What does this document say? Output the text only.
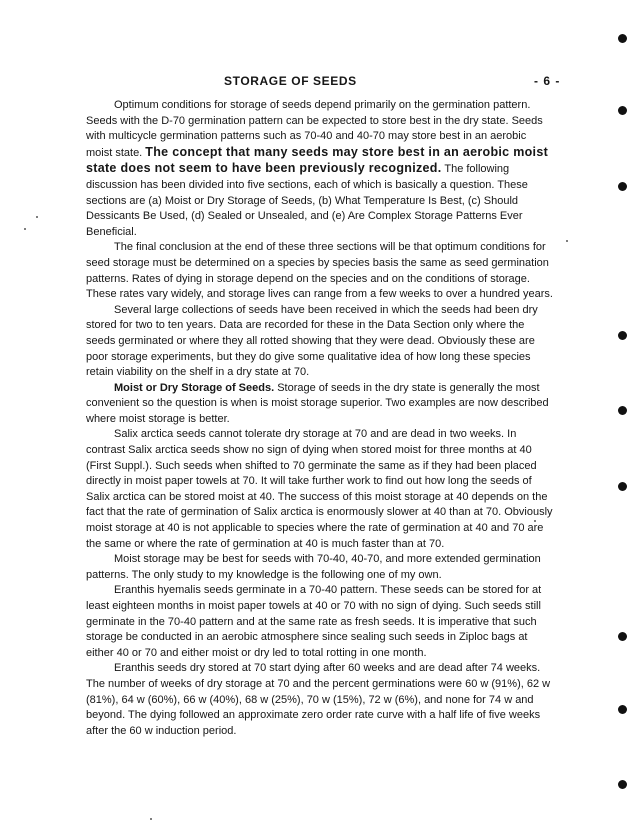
STORAGE OF SEEDS	- 6 -

Optimum conditions for storage of seeds depend primarily on the germination pattern. Seeds with the D-70 germination pattern can be expected to store best in the dry state. Seeds with multicycle germination patterns such as 70-40 and 40-70 may store best in an aerobic moist state. The concept that many seeds may store best in an aerobic moist state does not seem to have been previously recognized. The following discussion has been divided into five sections, each of which is basically a question. These sections are (a) Moist or Dry Storage of Seeds, (b) What Temperature Is Best, (c) Should Dessicants Be Used, (d) Sealed or Unsealed, and (e) Are Complex Storage Patterns Ever Beneficial.

The final conclusion at the end of these three sections will be that optimum conditions for seed storage must be determined on a species by species basis the same as seed germination patterns. Rates of dying in storage depend on the species and on the conditions of storage. These rates vary widely, and storage lives can range from a few weeks to over a hundred years.

Several large collections of seeds have been received in which the seeds had been dry stored for two to ten years. Data are recorded for these in the Data Section only where the seeds germinated or where they all rotted showing that they were dead. Obviously these are poor storage experiments, but they do give some qualitative idea of how long these species retain viability on the shelf in a dry state at 70.

Moist or Dry Storage of Seeds. Storage of seeds in the dry state is generally the most convenient so the question is when is moist storage superior. Two examples are now described where moist storage is better.

Salix arctica seeds cannot tolerate dry storage at 70 and are dead in two weeks. In contrast Salix arctica seeds show no sign of dying when stored moist for three months at 40 (First Suppl.). Such seeds when shifted to 70 germinate the same as if they had been placed directly in moist paper towels at 70. It will take further work to find out how long the seeds of Salix arctica can be stored moist at 40. The success of this moist storage at 40 depends on the fact that the rate of germination of Salix arctica is enormously slower at 40 than at 70. Obviously moist storage at 40 is not applicable to species where the rate of germination at 40 and 70 are the same or where the rate of germination at 40 is much faster than at 70.

Moist storage may be best for seeds with 70-40, 40-70, and more extended germination patterns. The only study to my knowledge is the following one of my own.

Eranthis hyemalis seeds germinate in a 70-40 pattern. These seeds can be stored for at least eighteen months in moist paper towels at 40 or 70 with no sign of dying. Such seeds still germinate in the 70-40 pattern and at the same rate as fresh seeds. It is imperative that such storage be conducted in an aerobic atmosphere since sealing such seeds in Ziploc bags at either 40 or 70 and either moist or dry led to total rotting in one month.

Eranthis seeds dry stored at 70 start dying after 60 weeks and are dead after 74 weeks. The number of weeks of dry storage at 70 and the percent germinations were 60 w (91%), 62 w (81%), 64 w (60%), 66 w (40%), 68 w (25%), 70 w (15%), 72 w (6%), and none for 74 w and beyond. The dying followed an approximate zero order rate curve with a half life of five weeks after the 60 w induction period.
